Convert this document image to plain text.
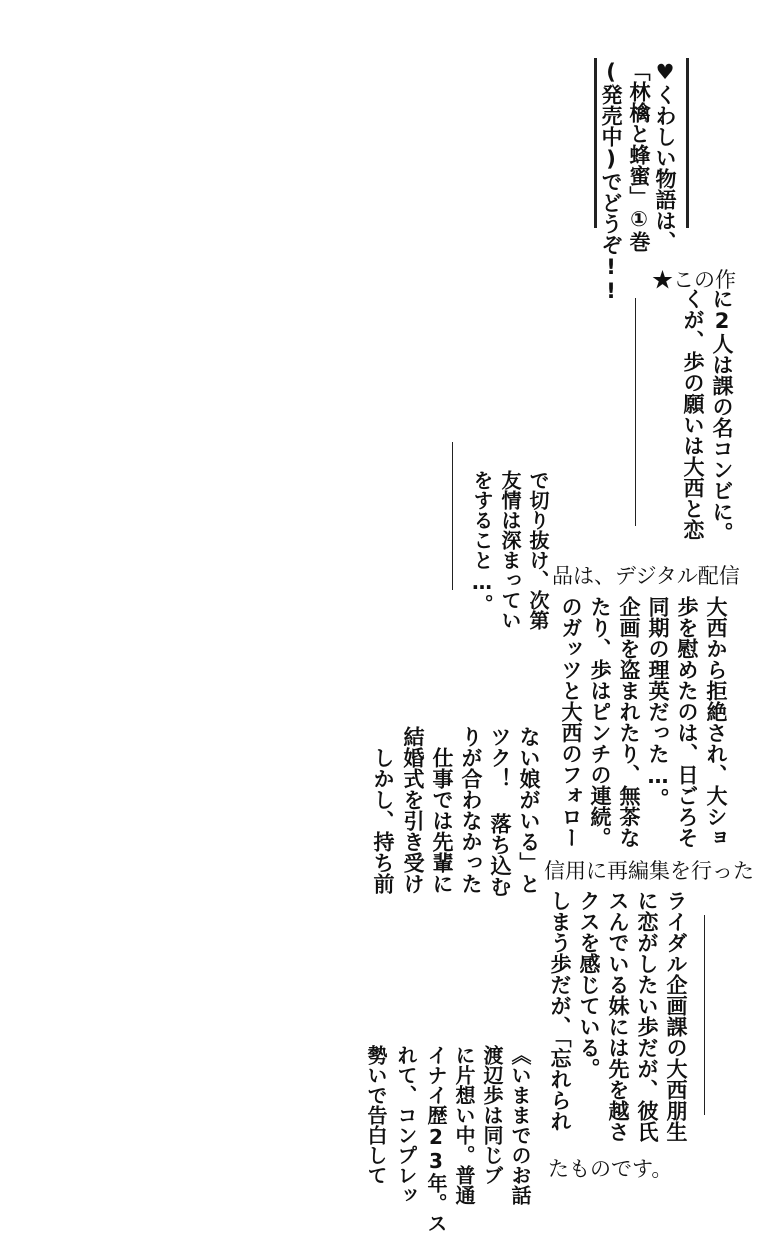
♥くわしい物語は、
「林檎と蜂蜜」①巻
(発売中)でどうぞ!!
に2人は課の名コンビに。
くが、歩の願いは大西と恋
で切り抜け、次第
友情は深まってい
をすること…。
大西から拒絶され、大ショ
歩を慰めたのは、日ごろそ
同期の理英だった…。
企画を盗まれたり、無茶な
たり、歩はピンチの連続。
のガッツと大西のフォロー
ない娘がいる」と
ツク！ 落ち込む
りが合わなかった
　仕事では先輩に
結婚式を引き受け
　しかし、持ち前
ライダル企画課の大西朋生
に恋がしたい歩だが、彼氏
スんでいる妹には先を越さ
クスを感じている。
しまう歩だが、「忘れられ
《いままでのお話
渡辺歩は同じブ
に片想い中。普通
イナイ歴23年。ス
れて、コンプレッ
勢いで告白して
★この作
品は、デジタル配信
信用に再編集を行った
たものです。
